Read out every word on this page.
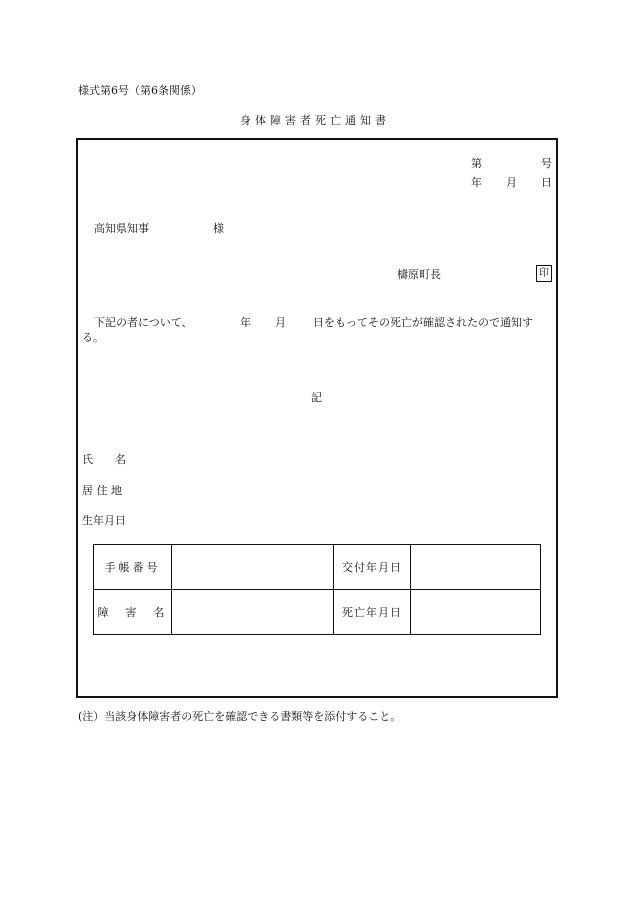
様式第6号（第6条関係）
身体障害者死亡通知書
第	号
年 月 日
高知県知事	様
檮原町長	印
下記の者について、	年 月 日をもってその死亡が確認されたので通知す
る。
記
氏　　名
居 住 地
生年月日
手帳番号		交付年月日	
障　害　名		死亡年月日	
(注）当該身体障害者の死亡を確認できる書類等を添付すること。
